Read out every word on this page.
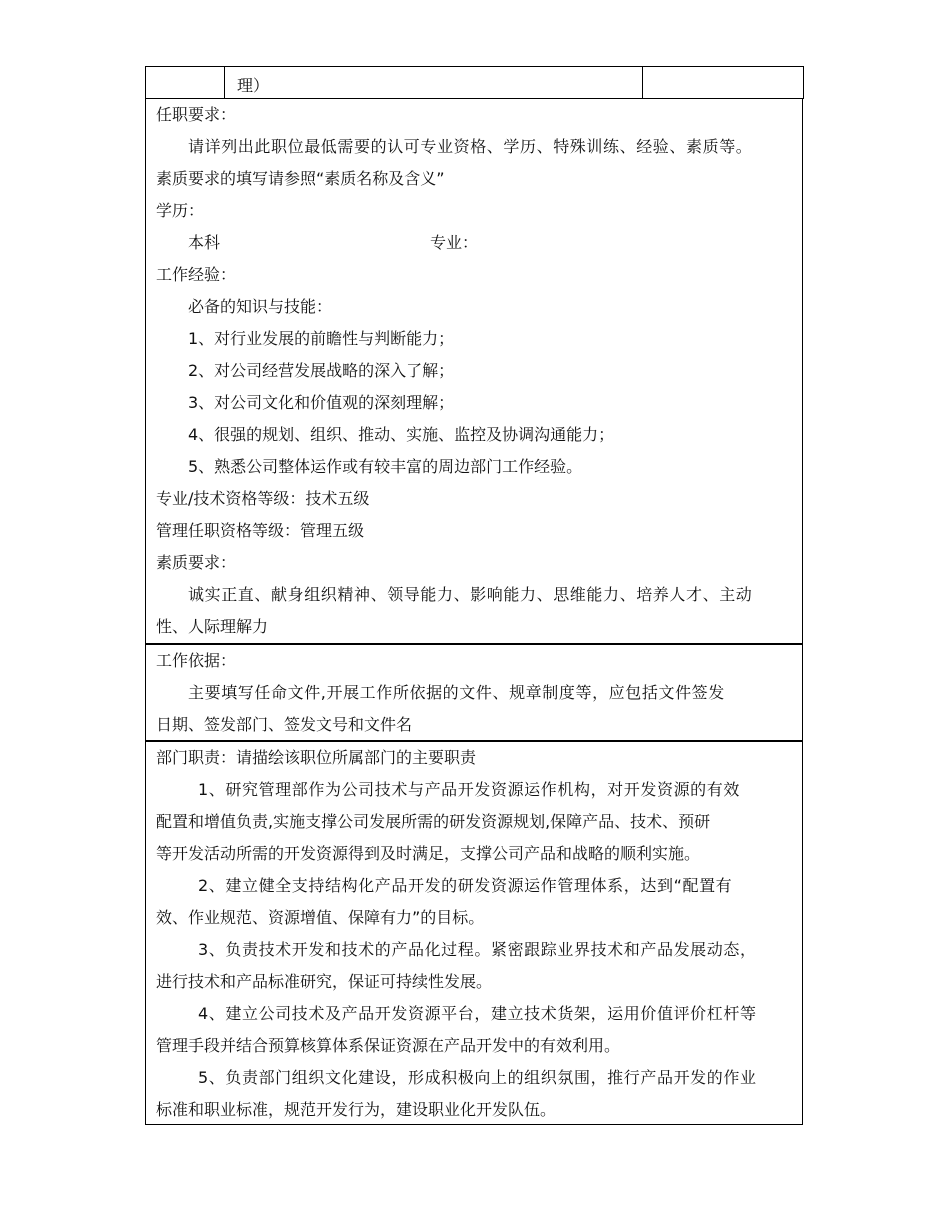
理）
任职要求：
请详列出此职位最低需要的认可专业资格、学历、特殊训练、经验、素质等。
素质要求的填写请参照“素质名称及含义”
学历：
本科	专业：
工作经验：
必备的知识与技能：
1、对行业发展的前瞻性与判断能力；
2、对公司经营发展战略的深入了解；
3、对公司文化和价值观的深刻理解；
4、很强的规划、组织、推动、实施、监控及协调沟通能力；
5、熟悉公司整体运作或有较丰富的周边部门工作经验。
专业/技术资格等级：技术五级
管理任职资格等级：管理五级
素质要求：
诚实正直、献身组织精神、领导能力、影响能力、思维能力、培养人才、主动
性、人际理解力
工作依据：
主要填写任命文件,开展工作所依据的文件、规章制度等，应包括文件签发
日期、签发部门、签发文号和文件名
部门职责：请描绘该职位所属部门的主要职责
1、研究管理部作为公司技术与产品开发资源运作机构，对开发资源的有效
配置和增值负责,实施支撑公司发展所需的研发资源规划,保障产品、技术、预研
等开发活动所需的开发资源得到及时满足，支撑公司产品和战略的顺利实施。
2、建立健全支持结构化产品开发的研发资源运作管理体系，达到“配置有
效、作业规范、资源增值、保障有力”的目标。
3、负责技术开发和技术的产品化过程。紧密跟踪业界技术和产品发展动态，
进行技术和产品标准研究，保证可持续性发展。
4、建立公司技术及产品开发资源平台，建立技术货架，运用价值评价杠杆等
管理手段并结合预算核算体系保证资源在产品开发中的有效利用。
5、负责部门组织文化建设，形成积极向上的组织氛围，推行产品开发的作业
标准和职业标准，规范开发行为，建设职业化开发队伍。
